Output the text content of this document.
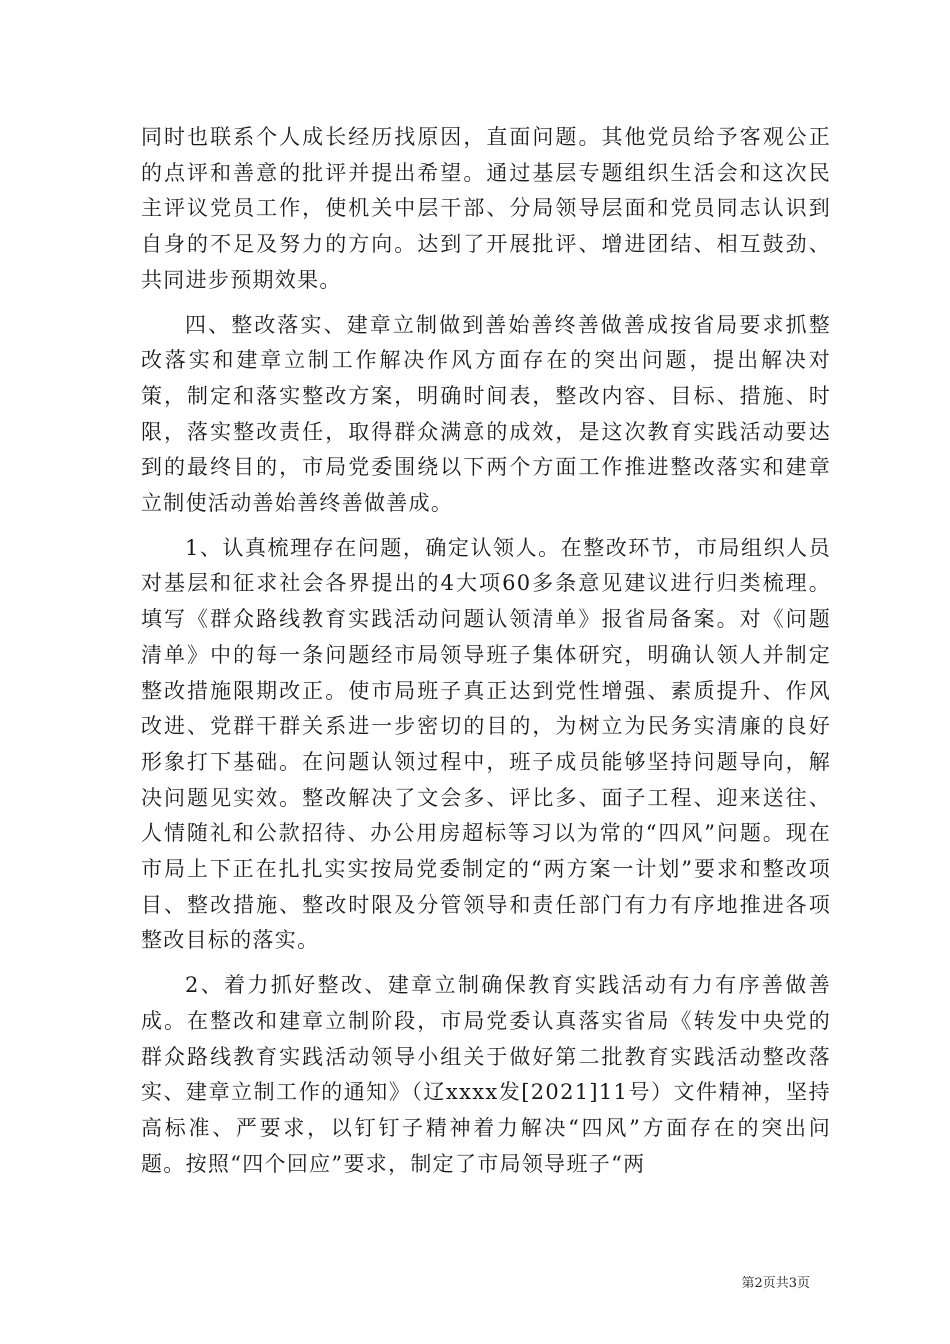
同时也联系个人成长经历找原因，直面问题。其他党员给予客观公正的点评和善意的批评并提出希望。通过基层专题组织生活会和这次民主评议党员工作，使机关中层干部、分局领导层面和党员同志认识到自身的不足及努力的方向。达到了开展批评、增进团结、相互鼓劲、共同进步预期效果。

四、整改落实、建章立制做到善始善终善做善成按省局要求抓整改落实和建章立制工作解决作风方面存在的突出问题，提出解决对策，制定和落实整改方案，明确时间表，整改内容、目标、措施、时限，落实整改责任，取得群众满意的成效，是这次教育实践活动要达到的最终目的，市局党委围绕以下两个方面工作推进整改落实和建章立制使活动善始善终善做善成。

1、认真梳理存在问题，确定认领人。在整改环节，市局组织人员对基层和征求社会各界提出的4大项60多条意见建议进行归类梳理。填写《群众路线教育实践活动问题认领清单》报省局备案。对《问题清单》中的每一条问题经市局领导班子集体研究，明确认领人并制定整改措施限期改正。使市局班子真正达到党性增强、素质提升、作风改进、党群干群关系进一步密切的目的，为树立为民务实清廉的良好形象打下基础。在问题认领过程中，班子成员能够坚持问题导向，解决问题见实效。整改解决了文会多、评比多、面子工程、迎来送往、人情随礼和公款招待、办公用房超标等习以为常的“四风”问题。现在市局上下正在扎扎实实按局党委制定的“两方案一计划”要求和整改项目、整改措施、整改时限及分管领导和责任部门有力有序地推进各项整改目标的落实。

2、着力抓好整改、建章立制确保教育实践活动有力有序善做善成。在整改和建章立制阶段，市局党委认真落实省局《转发中央党的群众路线教育实践活动领导小组关于做好第二批教育实践活动整改落实、建章立制工作的通知》（辽xxxx发[2021]11号）文件精神，坚持高标准、严要求，以钉钉子精神着力解决“四风”方面存在的突出问题。按照“四个回应”要求，制定了市局领导班子“两

第2页共3页
